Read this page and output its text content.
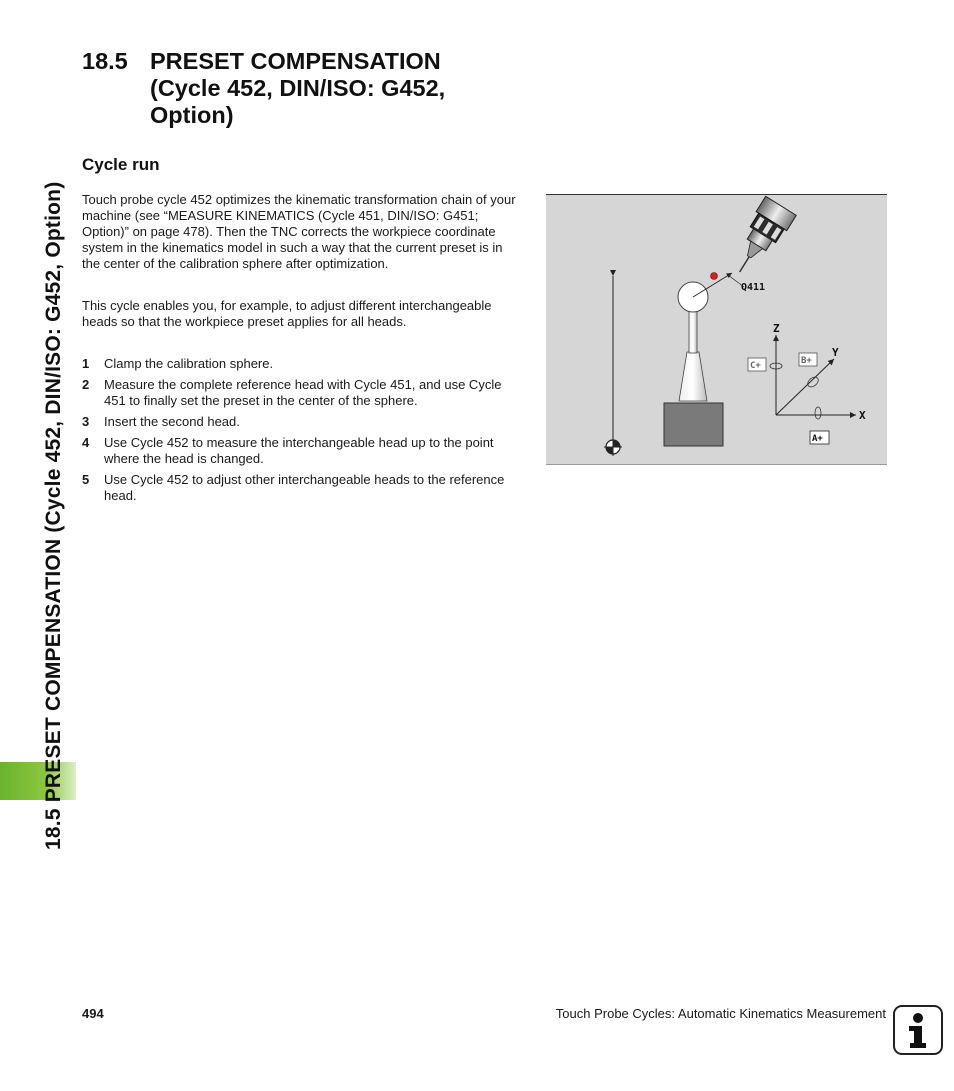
18.5 PRESET COMPENSATION (Cycle 452, DIN/ISO: G452, Option)
18.5 PRESET COMPENSATION
(Cycle 452, DIN/ISO: G452,
Option)
Cycle run
Touch probe cycle 452 optimizes the kinematic transformation chain of your machine (see “MEASURE KINEMATICS (Cycle 451, DIN/ISO: G451; Option)” on page 478). Then the TNC corrects the workpiece coordinate system in the kinematics model in such a way that the current preset is in the center of the calibration sphere after optimization.
This cycle enables you, for example, to adjust different interchangeable heads so that the workpiece preset applies for all heads.
1 Clamp the calibration sphere.
2 Measure the complete reference head with Cycle 451, and use Cycle 451 to finally set the preset in the center of the sphere.
3 Insert the second head.
4 Use Cycle 452 to measure the interchangeable head up to the point where the head is changed.
5 Use Cycle 452 to adjust other interchangeable heads to the reference head.
Q411
Z
Y
X
C+	B+
A+
494	Touch Probe Cycles: Automatic Kinematics Measurement
